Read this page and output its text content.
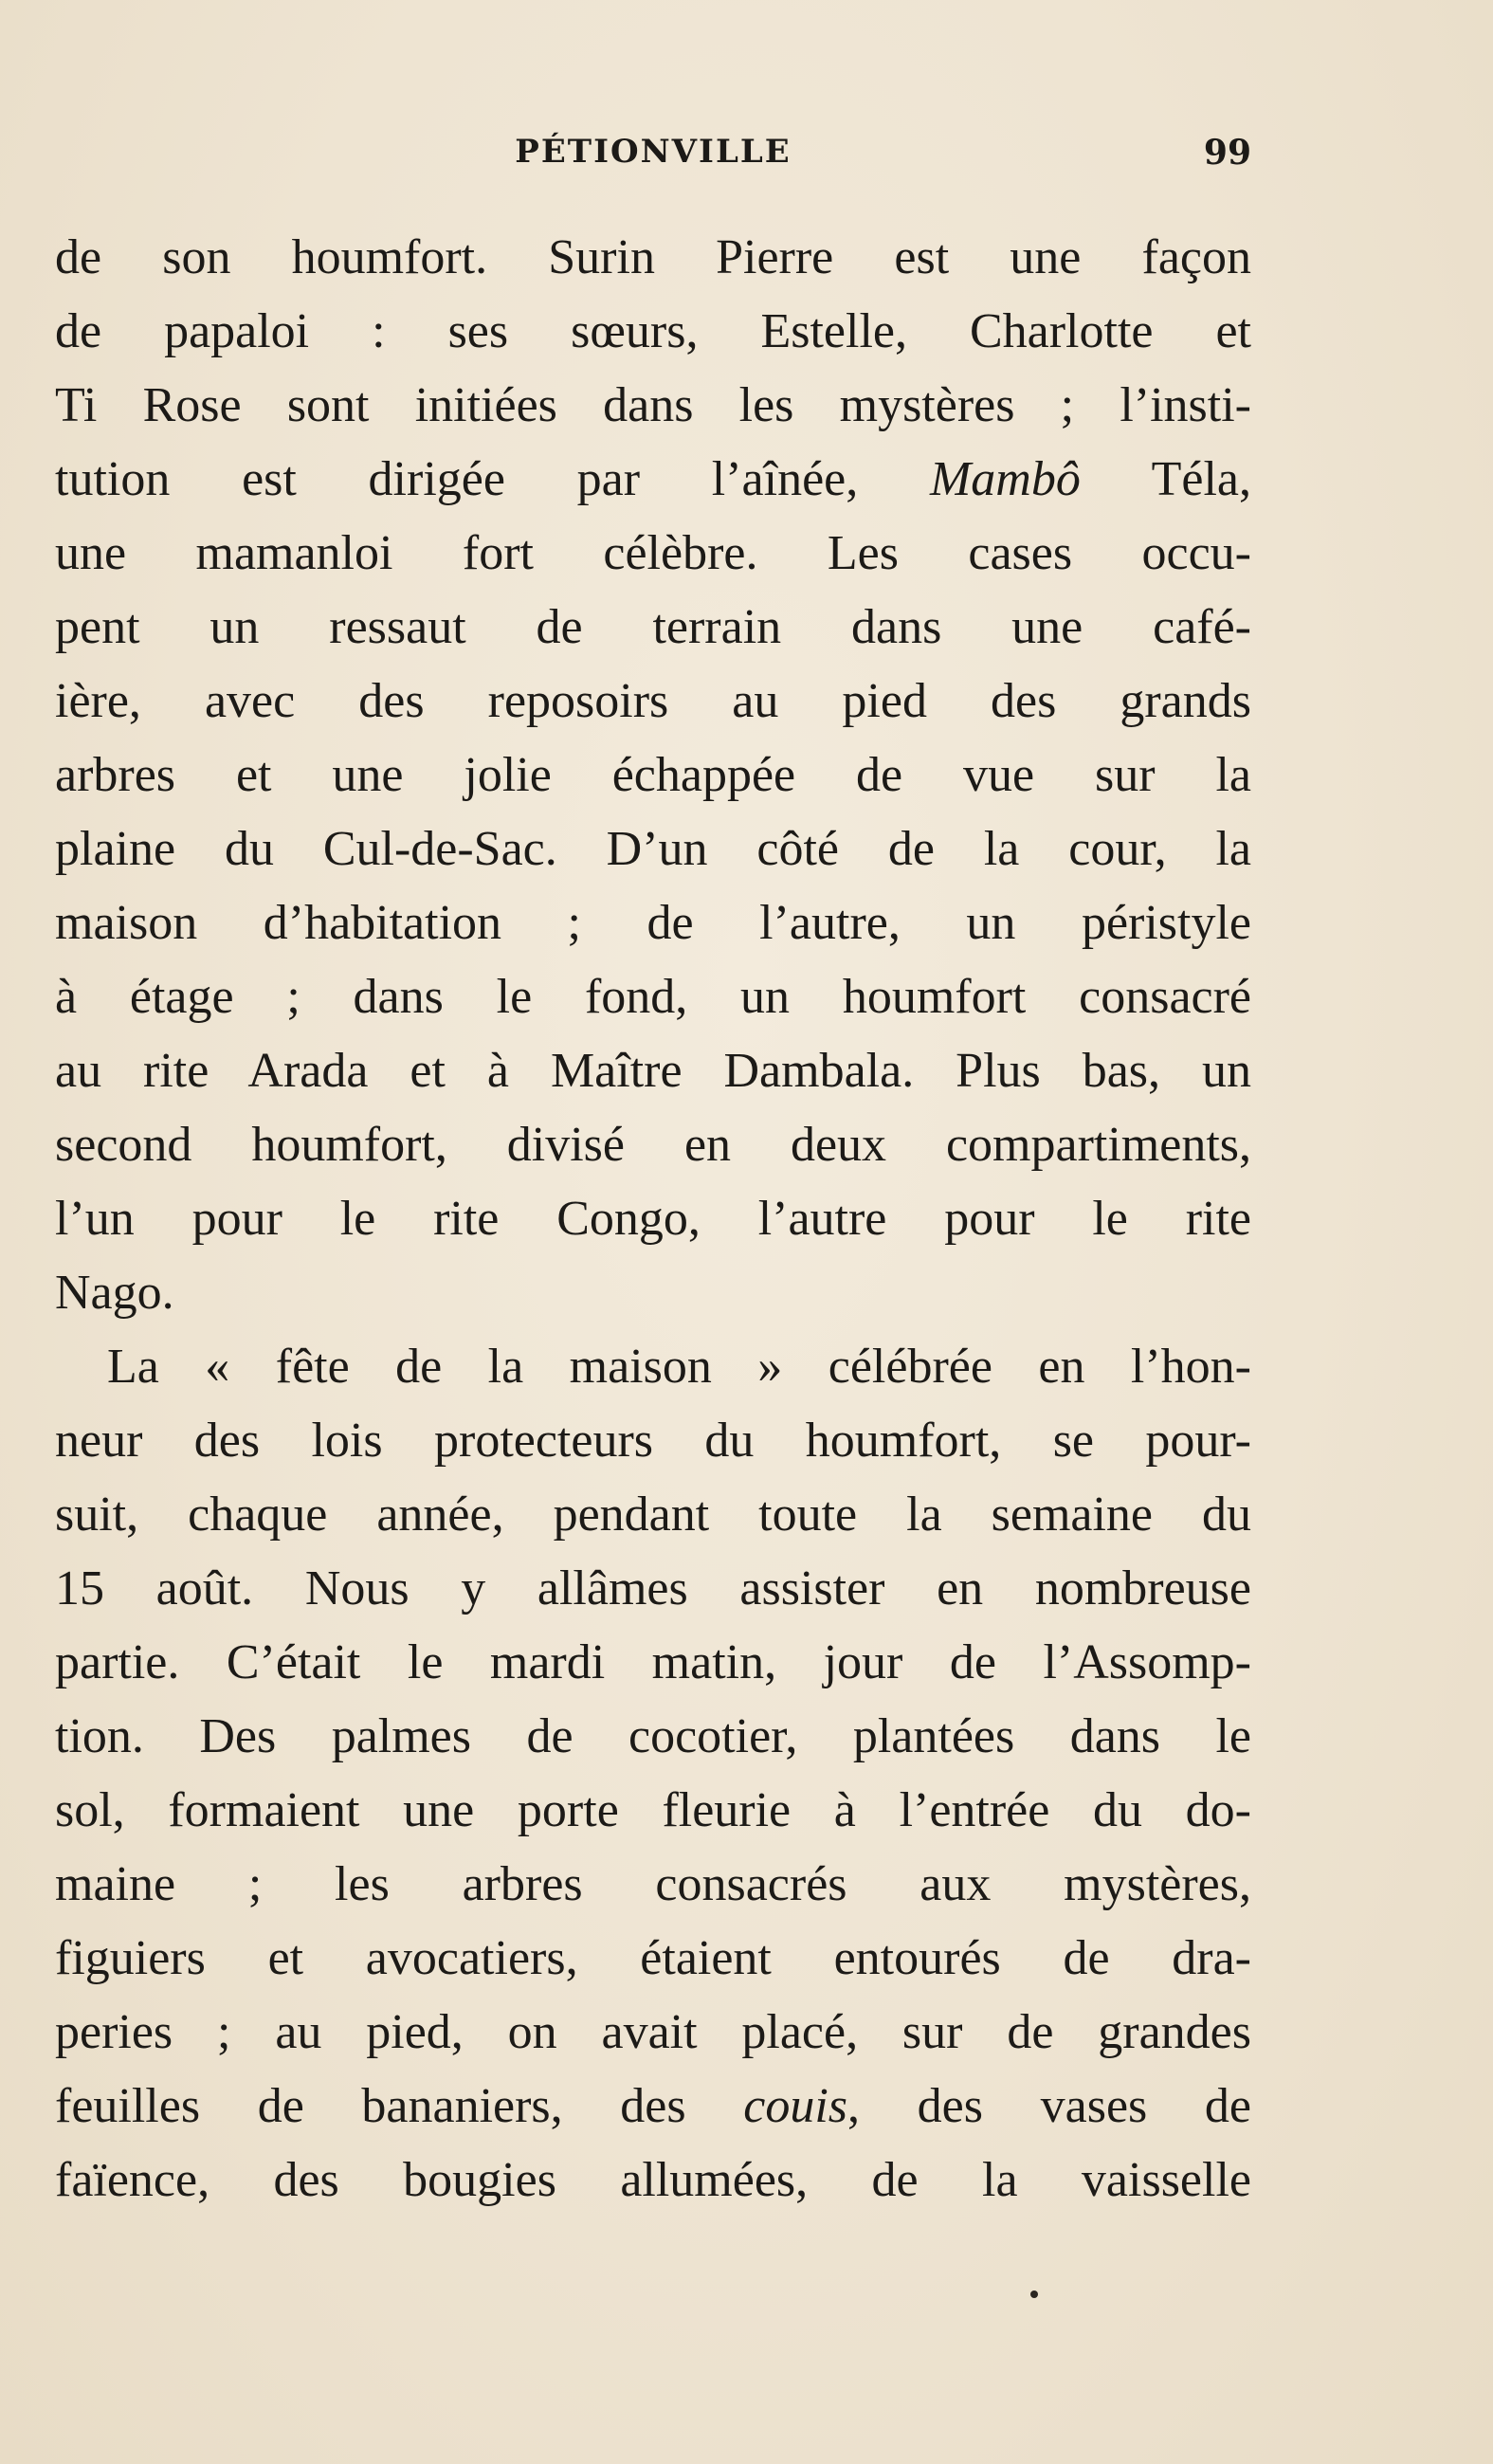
PÉTIONVILLE	99
de son houmfort. Surin Pierre est une façon
de papaloi : ses sœurs, Estelle, Charlotte et
Ti Rose sont initiées dans les mystères ; l’insti-
tution est dirigée par l’aînée, Mambô Téla,
une mamanloi fort célèbre. Les cases occu-
pent un ressaut de terrain dans une café-
ière, avec des reposoirs au pied des grands
arbres et une jolie échappée de vue sur la
plaine du Cul-de-Sac. D’un côté de la cour, la
maison d’habitation ; de l’autre, un péristyle
à étage ; dans le fond, un houmfort consacré
au rite Arada et à Maître Dambala. Plus bas, un
second houmfort, divisé en deux compartiments,
l’un pour le rite Congo, l’autre pour le rite
Nago.
La « fête de la maison » célébrée en l’hon-
neur des lois protecteurs du houmfort, se pour-
suit, chaque année, pendant toute la semaine du
15 août. Nous y allâmes assister en nombreuse
partie. C’était le mardi matin, jour de l’Assomp-
tion. Des palmes de cocotier, plantées dans le
sol, formaient une porte fleurie à l’entrée du do-
maine ; les arbres consacrés aux mystères,
figuiers et avocatiers, étaient entourés de dra-
peries ; au pied, on avait placé, sur de grandes
feuilles de bananiers, des couis, des vases de
faïence, des bougies allumées, de la vaisselle
